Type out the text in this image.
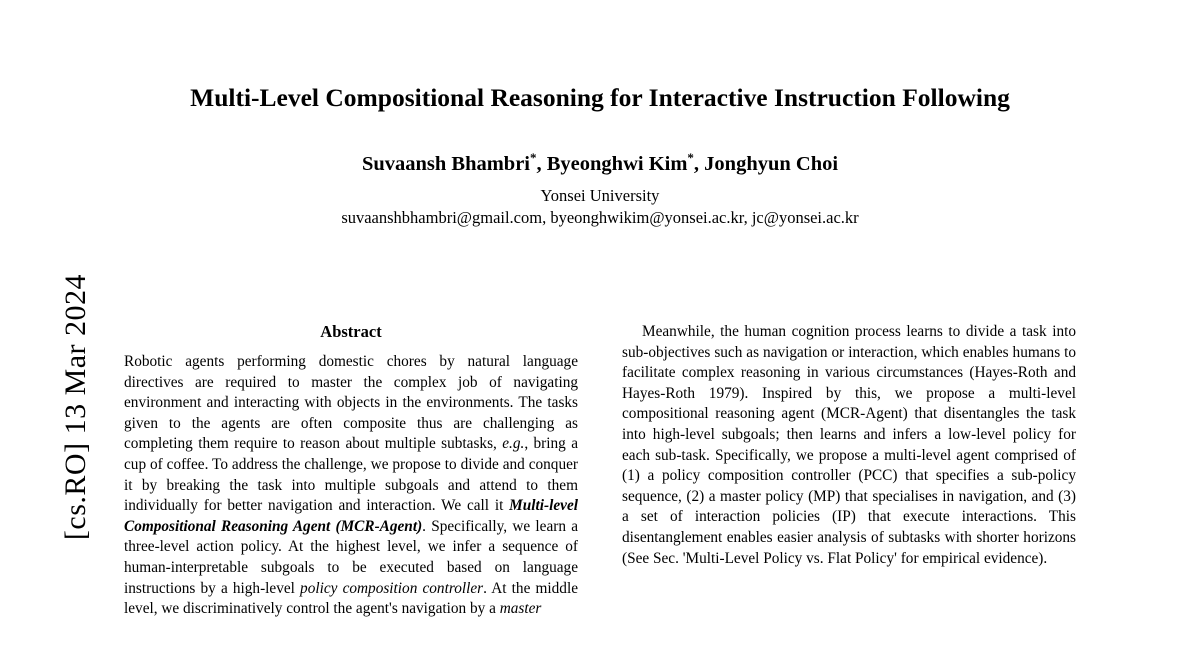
[cs.RO] 13 Mar 2024
Multi-Level Compositional Reasoning for Interactive Instruction Following
Suvaansh Bhambri*, Byeonghwi Kim*, Jonghyun Choi
Yonsei University
suvaanshbhambri@gmail.com, byeonghwikim@yonsei.ac.kr, jc@yonsei.ac.kr
Abstract

Robotic agents performing domestic chores by natural language directives are required to master the complex job of navigating environment and interacting with objects in the environments. The tasks given to the agents are often composite thus are challenging as completing them require to reason about multiple subtasks, e.g., bring a cup of coffee. To address the challenge, we propose to divide and conquer it by breaking the task into multiple subgoals and attend to them individually for better navigation and interaction. We call it Multi-level Compositional Reasoning Agent (MCR-Agent). Specifically, we learn a three-level action policy. At the highest level, we infer a sequence of human-interpretable subgoals to be executed based on language instructions by a high-level policy composition controller. At the middle level, we discriminatively control the agent's navigation by a master

Meanwhile, the human cognition process learns to divide a task into sub-objectives such as navigation or interaction, which enables humans to facilitate complex reasoning in various circumstances (Hayes-Roth and Hayes-Roth 1979). Inspired by this, we propose a multi-level compositional reasoning agent (MCR-Agent) that disentangles the task into high-level subgoals; then learns and infers a low-level policy for each sub-task. Specifically, we propose a multi-level agent comprised of (1) a policy composition controller (PCC) that specifies a sub-policy sequence, (2) a master policy (MP) that specialises in navigation, and (3) a set of interaction policies (IP) that execute interactions. This disentanglement enables easier analysis of subtasks with shorter horizons (See Sec. 'Multi-Level Policy vs. Flat Policy' for empirical evidence).
